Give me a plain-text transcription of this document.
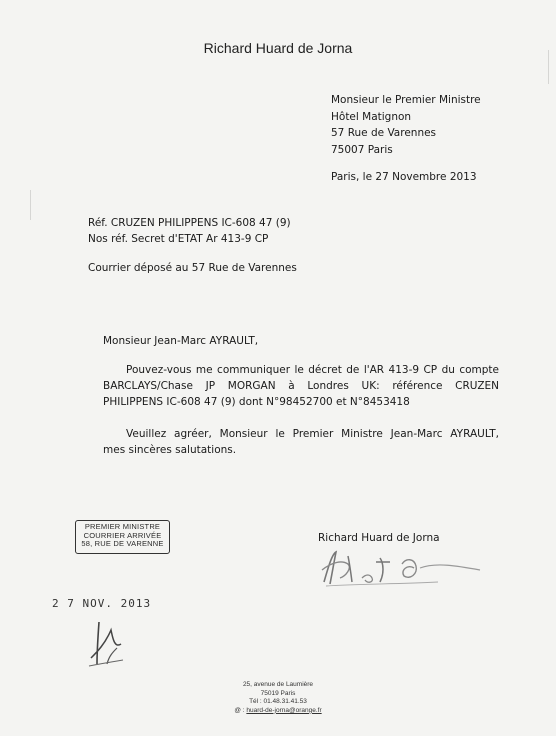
Richard Huard de Jorna
Monsieur le Premier Ministre
Hôtel Matignon
57 Rue de Varennes
75007 Paris
Paris, le 27 Novembre 2013
Réf. CRUZEN PHILIPPENS IC-608 47 (9)
Nos réf. Secret d'ETAT Ar 413-9 CP
Courrier déposé au 57 Rue de Varennes
Monsieur Jean-Marc AYRAULT,
Pouvez-vous me communiquer le décret de l'AR 413-9 CP du compte
BARCLAYS/Chase JP MORGAN à Londres UK: référence CRUZEN
PHILIPPENS IC-608 47 (9) dont N°98452700 et N°8453418
Veuillez agréer, Monsieur le Premier Ministre Jean-Marc AYRAULT,
mes sincères salutations.
PREMIER MINISTRE
COURRIER ARRIVÉE
58, RUE DE VARENNE
2 7 NOV. 2013
Richard Huard de Jorna
25, avenue de Laumière
75019 Paris
Tél : 01.48.31.41.53
@ : huard-de-jorna@orange.fr
